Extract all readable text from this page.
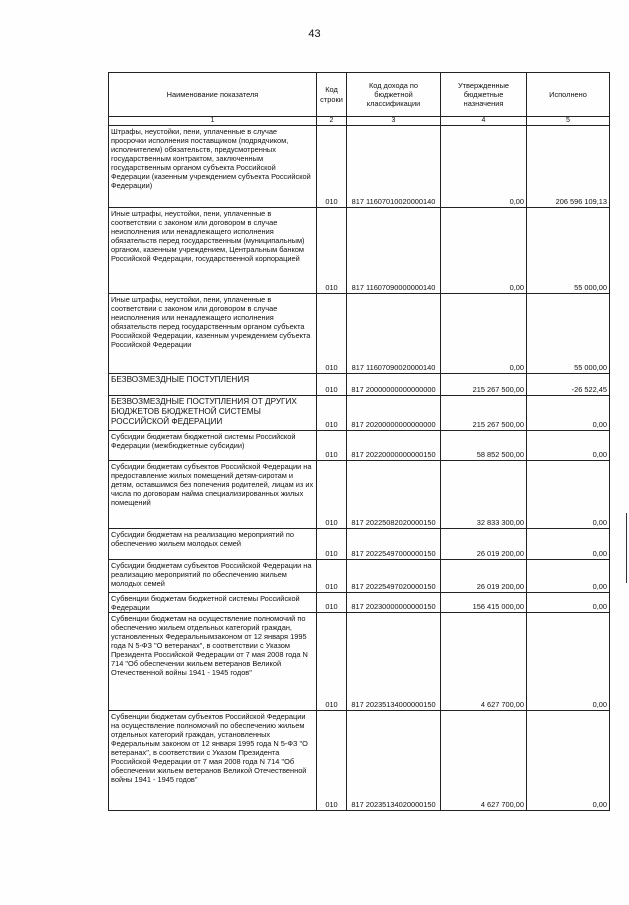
43
Наименование показателя	Код строки	Код дохода по бюджетной классификации	Утвержденные бюджетные назначения	Исполнено
1	2	3	4	5
Штрафы, неустойки, пени, уплаченные в случае просрочки исполнения поставщиком (подрядчиком, исполнителем) обязательств, предусмотренных государственным контрактом, заключенным государственным органом субъекта Российской Федерации (казенным учреждением субъекта Российской Федерации)	010	817 11607010020000140	0,00	206 596 109,13
Иные штрафы, неустойки, пени, уплаченные в соответствии с законом или договором в случае неисполнения или ненадлежащего исполнения обязательств перед государственным (муниципальным) органом, казенным учреждением, Центральным банком Российской Федерации, государственной корпорацией	010	817 11607090000000140	0,00	55 000,00
Иные штрафы, неустойки, пени, уплаченные в соответствии с законом или договором в случае неисполнения или ненадлежащего исполнения обязательств перед государственным органом субъекта Российской Федерации, казенным учреждением субъекта Российской Федерации	010	817 11607090020000140	0,00	55 000,00
БЕЗВОЗМЕЗДНЫЕ ПОСТУПЛЕНИЯ	010	817 20000000000000000	215 267 500,00	-26 522,45
БЕЗВОЗМЕЗДНЫЕ ПОСТУПЛЕНИЯ ОТ ДРУГИХ БЮДЖЕТОВ БЮДЖЕТНОЙ СИСТЕМЫ РОССИЙСКОЙ ФЕДЕРАЦИИ	010	817 20200000000000000	215 267 500,00	0,00
Субсидии бюджетам бюджетной системы Российской Федерации (межбюджетные субсидии)	010	817 20220000000000150	58 852 500,00	0,00
Субсидии бюджетам субъектов Российской Федерации на предоставление жилых помещений детям-сиротам и детям, оставшимся без попечения родителей, лицам из их числа по договорам найма специализированных жилых помещений	010	817 20225082020000150	32 833 300,00	0,00
Субсидии бюджетам на реализацию мероприятий по обеспечению жильем молодых семей	010	817 20225497000000150	26 019 200,00	0,00
Субсидии бюджетам субъектов Российской Федерации на реализацию мероприятий по обеспечению жильем молодых семей	010	817 20225497020000150	26 019 200,00	0,00
Субвенции бюджетам бюджетной системы Российской Федерации	010	817 20230000000000150	156 415 000,00	0,00
Субвенции бюджетам на осуществление полномочий по обеспечению жильем отдельных категорий граждан, установленных Федеральнымзаконом от 12 января 1995 года N 5-ФЗ "О ветеранах", в соответствии с Указом Президента Российской Федерации от 7 мая 2008 года N 714 "Об обеспечении жильем ветеранов Великой Отечественной войны 1941 - 1945 годов"	010	817 20235134000000150	4 627 700,00	0,00
Субвенции бюджетам субъектов Российской Федерации на осуществление полномочий по обеспечению жильем отдельных категорий граждан, установленных Федеральным законом от 12 января 1995 года N 5-ФЗ "О ветеранах", в соответствии с Указом Президента Российской Федерации от 7 мая 2008 года N 714 "Об обеспечении жильем ветеранов Великой Отечественной войны 1941 - 1945 годов"	010	817 20235134020000150	4 627 700,00	0,00
